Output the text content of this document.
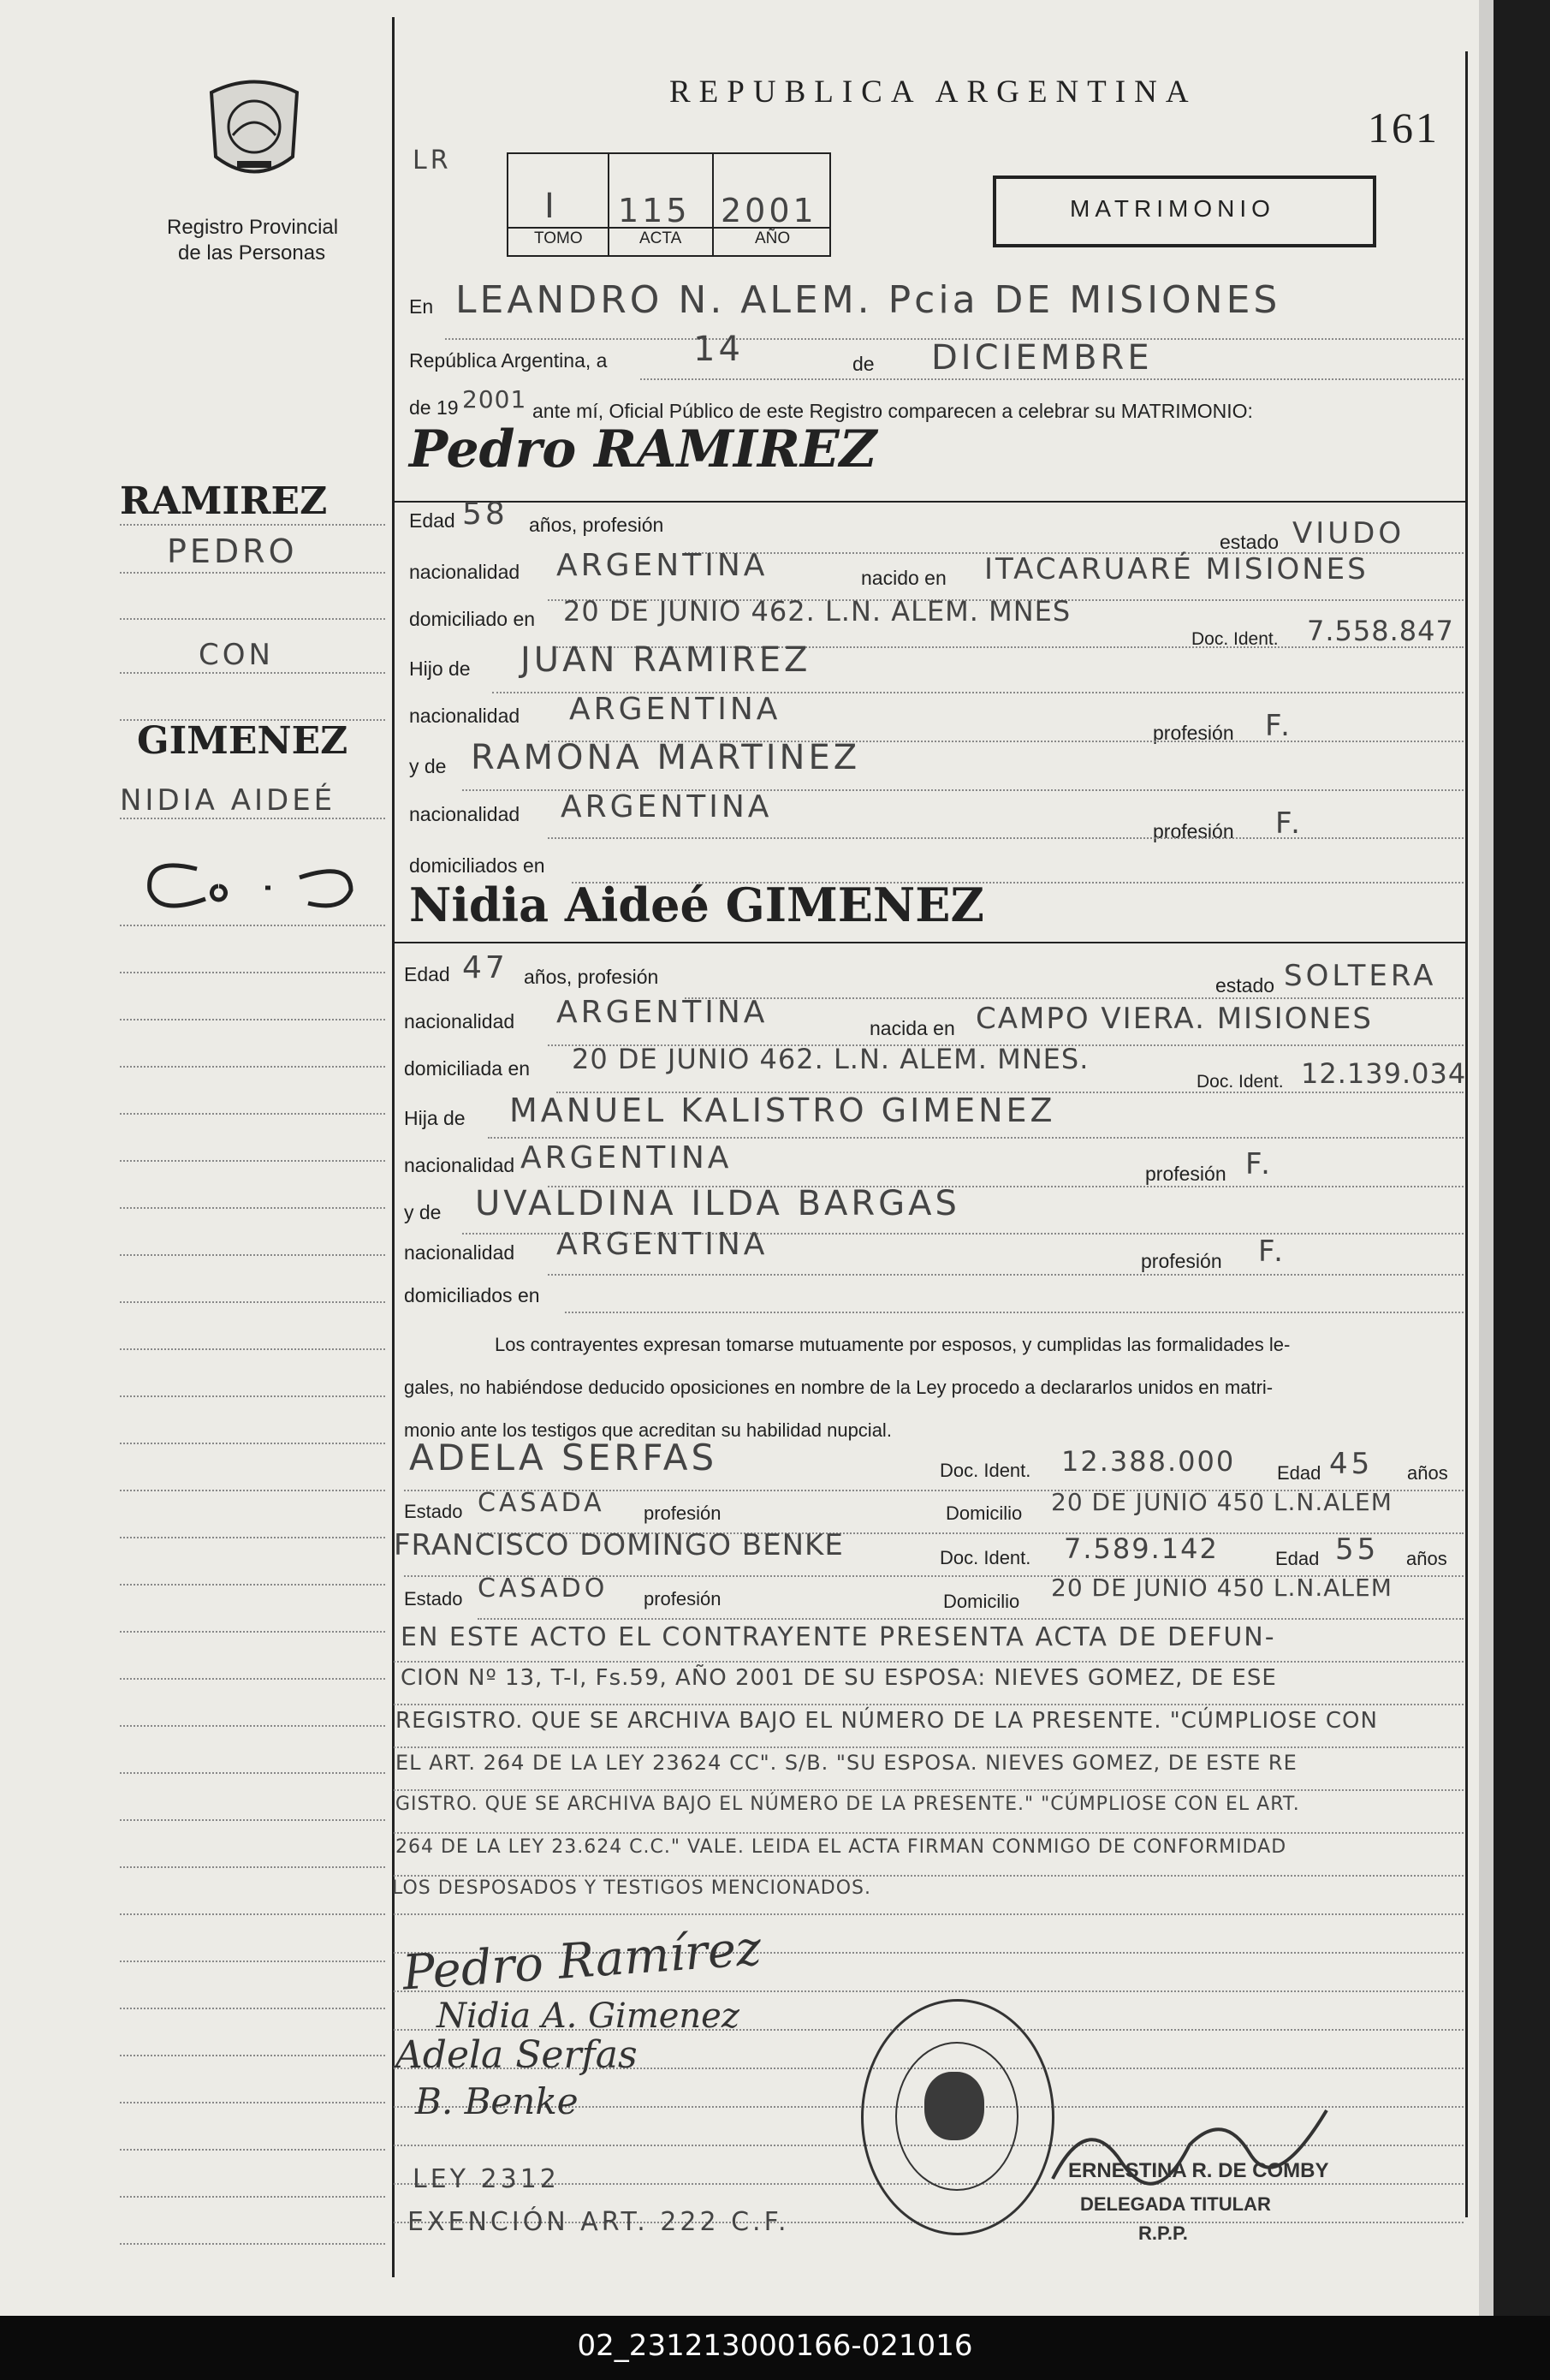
Registro Provincial
de las Personas
REPUBLICA ARGENTINA
161
LR
I 115 2001
TOMO	ACTA	AÑO
MATRIMONIO
En LEANDRO N. ALEM. Pcia DE MISIONES
República Argentina, a	14	de DICIEMBRE
de 19 2001 ante mí, Oficial Público de este Registro comparecen a celebrar su MATRIMONIO:
Pedro RAMIREZ
RAMIREZ
PEDRO
CON
GIMENEZ
NIDIA AIDEÉ
Edad 58 años, profesión
estado VIUDO
nacionalidad ARGENTINA	nacido en ITACARUARÉ MISIONES
domiciliado en 20 DE JUNIO 462. L.N. ALEM. MNES
Doc. Ident. 7.558.847
Hijo de JUAN RAMIREZ
nacionalidad ARGENTINA
profesión F.
y de RAMONA MARTINEZ
nacionalidad ARGENTINA
profesión F.
domiciliados en
Nidia Aideé GIMENEZ
Edad 47 años, profesión	estado SOLTERA
nacionalidad ARGENTINA	nacida en CAMPO VIERA. MISIONES
domiciliada en 20 DE JUNIO 462. L.N. ALEM. MNES.
Doc. Ident. 12.139.034
Hija de MANUEL KALISTRO GIMENEZ
nacionalidad ARGENTINA	profesión F.
y de UVALDINA ILDA BARGAS
nacionalidad ARGENTINA	profesión F.
domiciliados en
Los contrayentes expresan tomarse mutuamente por esposos, y cumplidas las formalidades le-
gales, no habiéndose deducido oposiciones en nombre de la Ley procedo a declararlos unidos en matri-
monio ante los testigos que acreditan su habilidad nupcial.
ADELA SERFAS	Doc. Ident. 12.388.000 Edad 45 años
Estado CASADA profesión	Domicilio 20 DE JUNIO 450 L.N.ALEM
FRANCISCO DOMINGO BENKE	Doc. Ident. 7.589.142	Edad 55 años
Estado CASADO profesión	Domicilio 20 DE JUNIO 450 L.N.ALEM
EN ESTE ACTO EL CONTRAYENTE PRESENTA ACTA DE DEFUN-
CION Nº 13, T-I, Fs.59, AÑO 2001 DE SU ESPOSA: NIEVES GOMEZ, DE ESE
REGISTRO. QUE SE ARCHIVA BAJO EL NÚMERO DE LA PRESENTE. "CÚMPLIOSE CON
EL ART. 264 DE LA LEY 23624 CC". S/B. "SU ESPOSA. NIEVES GOMEZ, DE ESTE RE
GISTRO. QUE SE ARCHIVA BAJO EL NÚMERO DE LA PRESENTE." "CÚMPLIOSE CON EL ART.
264 DE LA LEY 23.624 C.C." VALE. LEIDA EL ACTA FIRMAN CONMIGO DE CONFORMIDAD
LOS DESPOSADOS Y TESTIGOS MENCIONADOS.
Pedro Ramírez
Nidia A. Gimenez
Adela Serfas
B. Benke
ERNESTINA R. DE COMBY
DELEGADA TITULAR
R.P.P.
LEY 2312
EXENCIÓN ART. 222 C.F.
02_231213000166-021016
